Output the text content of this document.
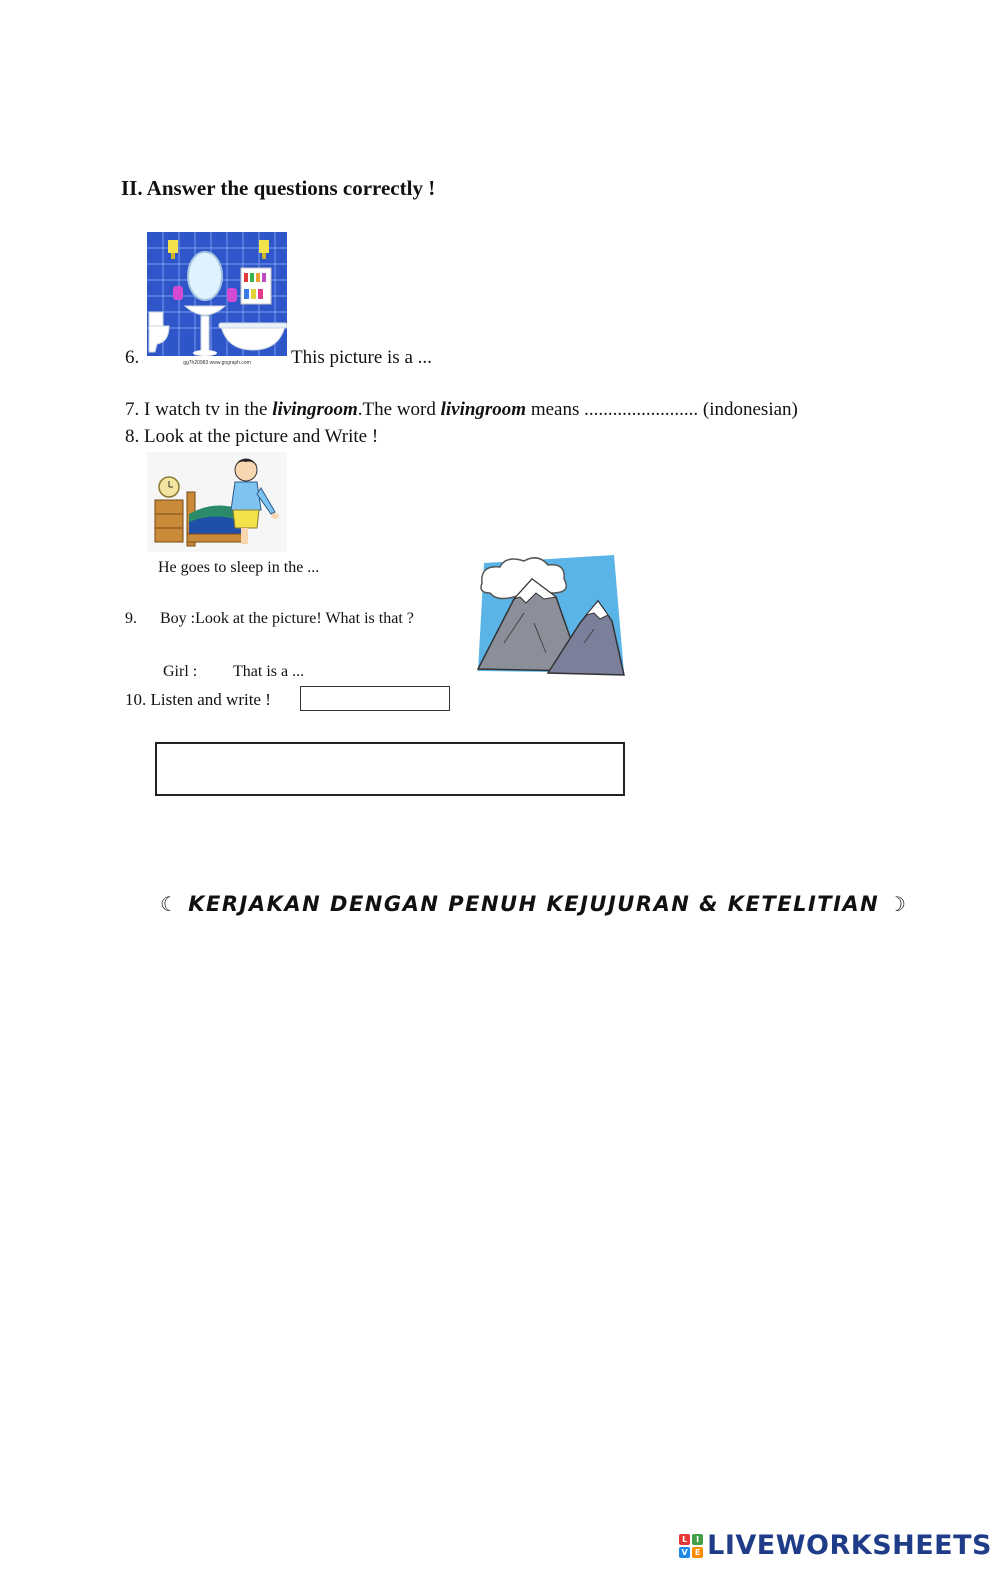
II. Answer the questions correctly !
6.	gg7h20983 www.gograph.com This picture is a ...
7. I watch tv in the livingroom.The word livingroom means ........................ (indonesian)
8. Look at the picture and Write !
He goes to sleep in the ...
9. Boy :Look at the picture! What is that ?
Girl : That is a ...
10. Listen and write !
☾ KERJAKAN DENGAN PENUH KEJUJURAN & KETELITIAN ☽
L	I
V E LIVEWORKSHEETS
